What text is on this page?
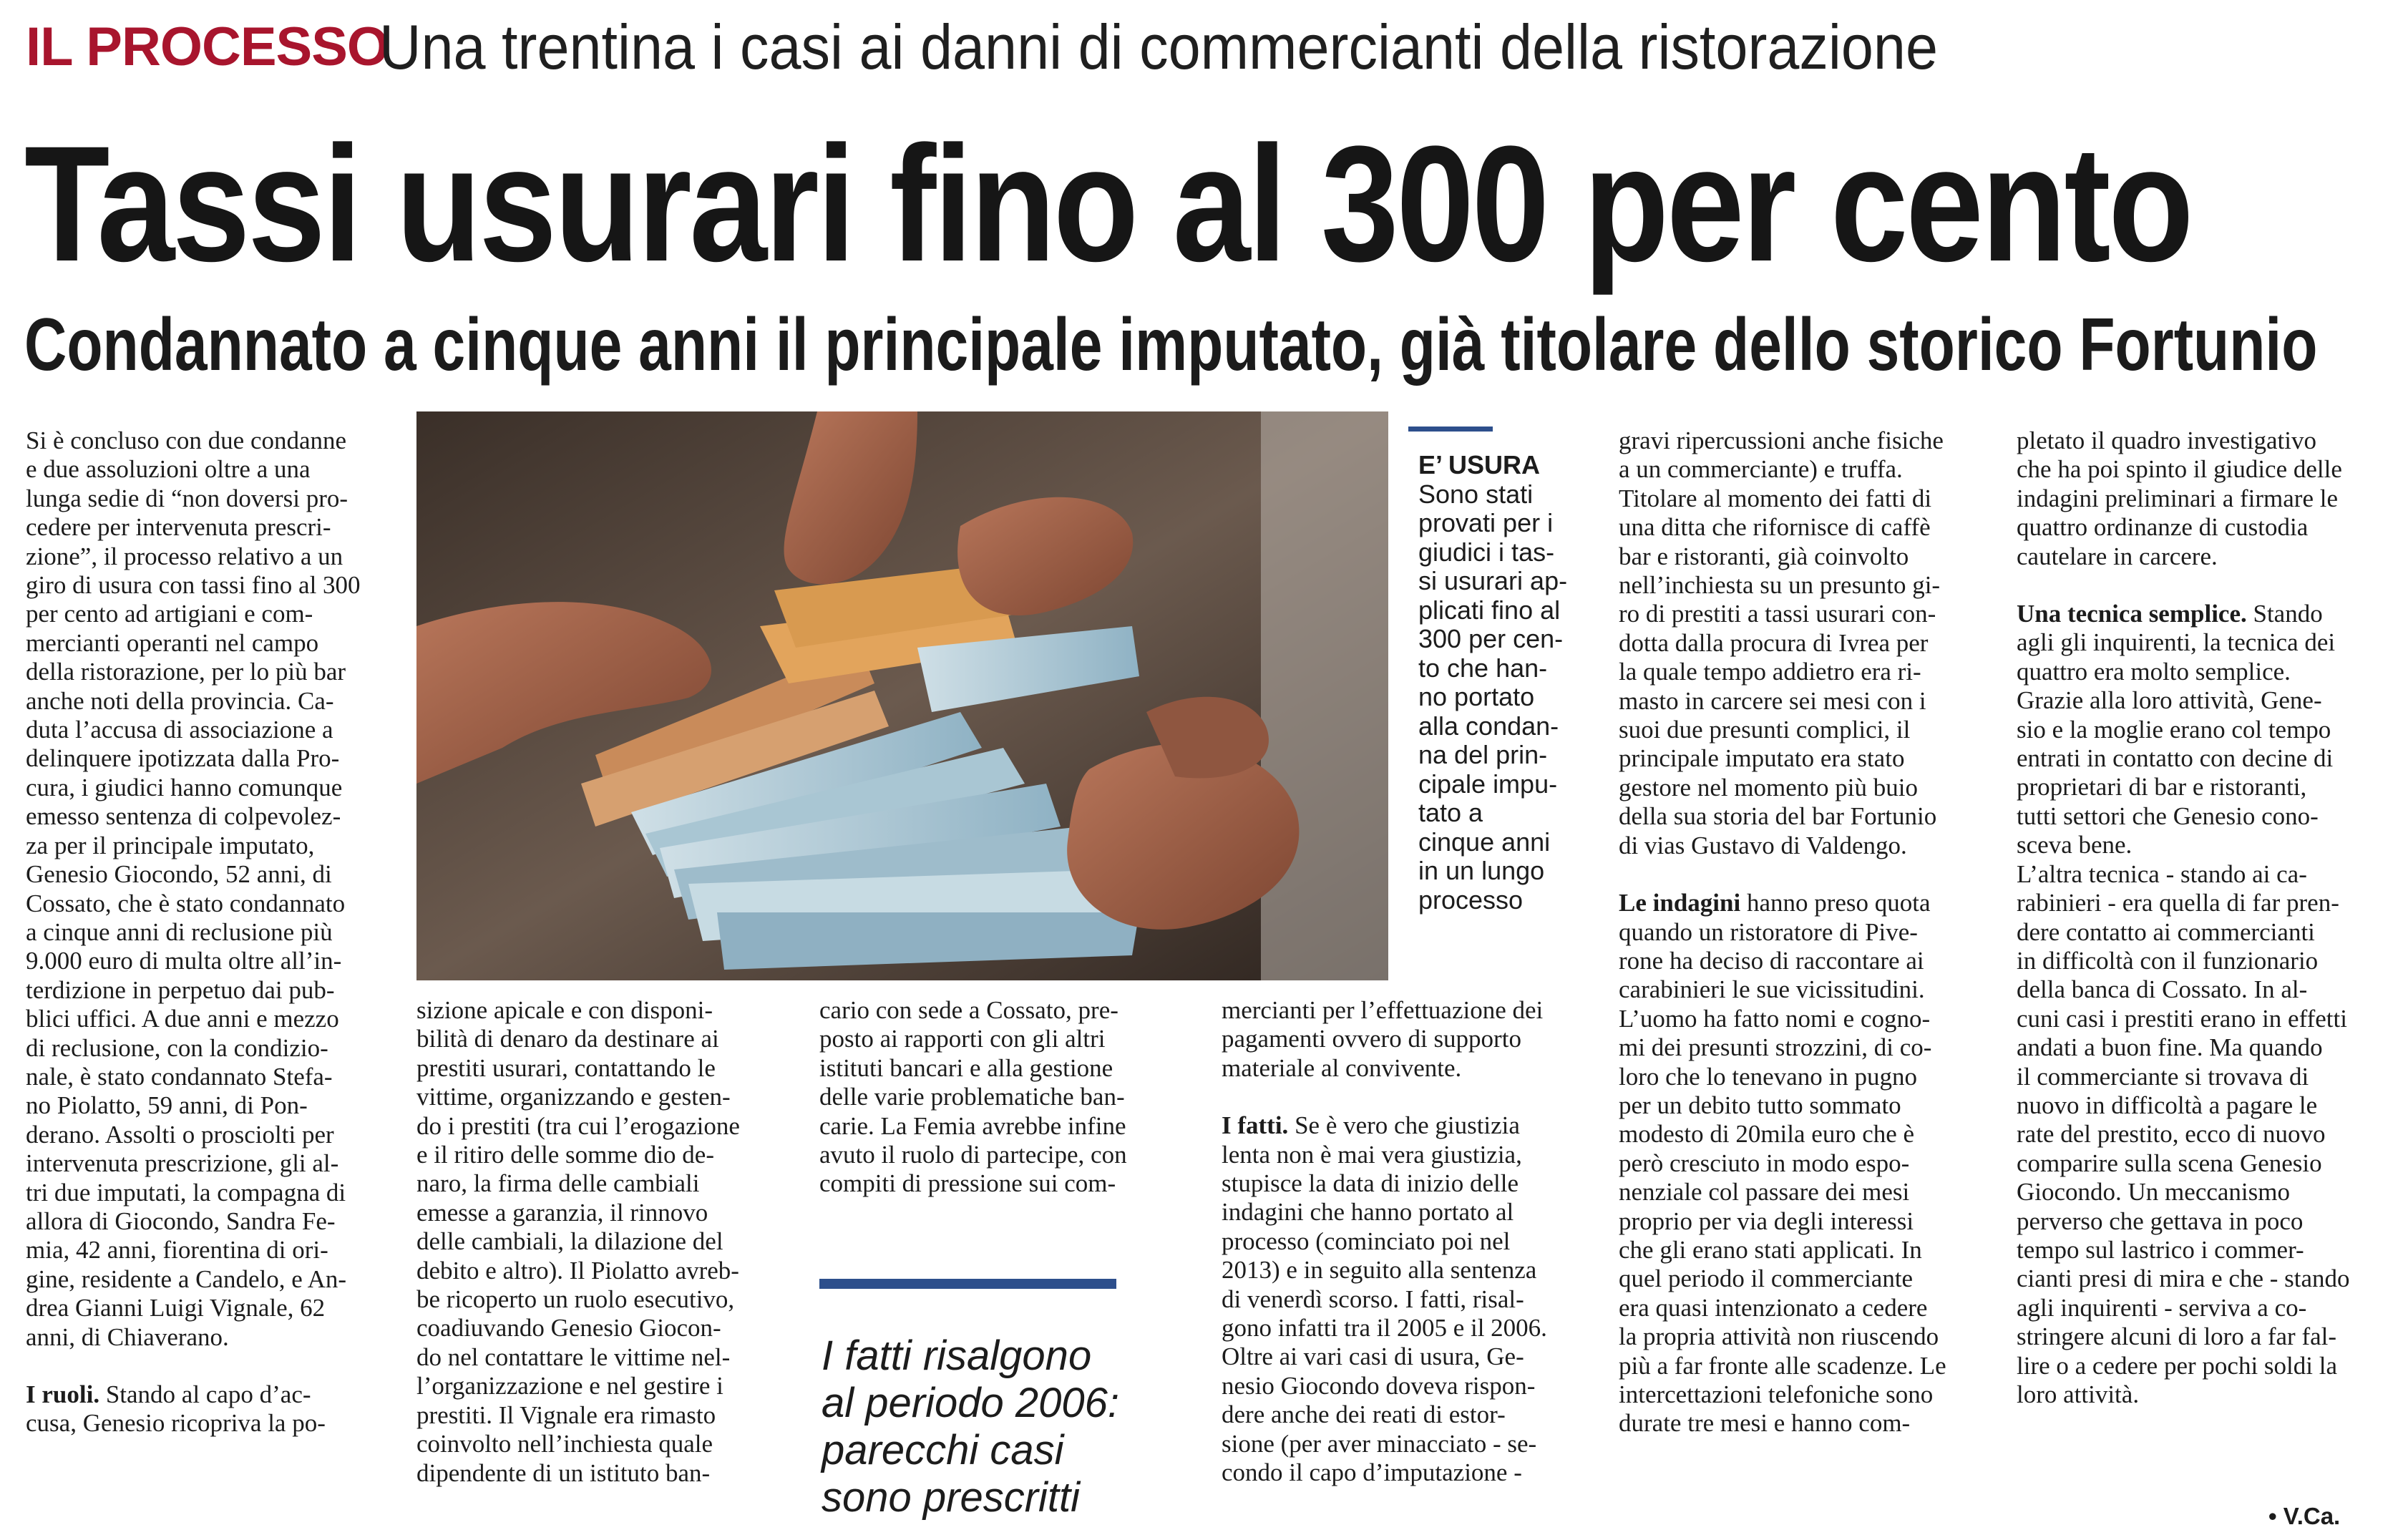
IL PROCESSO
Una trentina i casi ai danni di commercianti della ristorazione
Tassi usurari fino al 300 per cento
Condannato a cinque anni il principale imputato, già titolare dello storico Fortunio
E’ USURA
Sono stati
provati per i
giudici i tas-
si usurari ap-
plicati fino al
300 per cen-
to che han-
no portato
alla condan-
na del prin-
cipale impu-
tato a
cinque anni
in un lungo
processo
I fatti risalgono
al periodo 2006:
parecchi casi
sono prescritti
Si è concluso con due condanne
e due assoluzioni oltre a una
lunga sedie di “non doversi pro-
cedere per intervenuta prescri-
zione”, il processo relativo a un
giro di usura con tassi fino al 300
per cento ad artigiani e com-
mercianti operanti nel campo
della ristorazione, per lo più bar
anche noti della provincia. Ca-
duta l’accusa di associazione a
delinquere ipotizzata dalla Pro-
cura, i giudici hanno comunque
emesso sentenza di colpevolez-
za per il principale imputato,
Genesio Giocondo, 52 anni, di
Cossato, che è stato condannato
a cinque anni di reclusione più
9.000 euro di multa oltre all’in-
terdizione in perpetuo dai pub-
blici uffici. A due anni e mezzo
di reclusione, con la condizio-
nale, è stato condannato Stefa-
no Piolatto, 59 anni, di Pon-
derano. Assolti o prosciolti per
intervenuta prescrizione, gli al-
tri due imputati, la compagna di
allora di Giocondo, Sandra Fe-
mia, 42 anni, fiorentina di ori-
gine, residente a Candelo, e An-
drea Gianni Luigi Vignale, 62
anni, di Chiaverano.

I ruoli. Stando al capo d’ac-

cusa, Genesio ricopriva la po-
sizione apicale e con disponi-
bilità di denaro da destinare ai
prestiti usurari, contattando le
vittime, organizzando e gesten-
do i prestiti (tra cui l’erogazione
e il ritiro delle somme dio de-
naro, la firma delle cambiali
emesse a garanzia, il rinnovo
delle cambiali, la dilazione del
debito e altro). Il Piolatto avreb-
be ricoperto un ruolo esecutivo,
coadiuvando Genesio Giocon-
do nel contattare le vittime nel-
l’organizzazione e nel gestire i
prestiti. Il Vignale era rimasto
coinvolto nell’inchiesta quale
dipendente di un istituto ban-
cario con sede a Cossato, pre-
posto ai rapporti con gli altri
istituti bancari e alla gestione
delle varie problematiche ban-
carie. La Femia avrebbe infine
avuto il ruolo di partecipe, con
compiti di pressione sui com-
mercianti per l’effettuazione dei
pagamenti ovvero di supporto
materiale al convivente.

I fatti. Se è vero che giustizia

lenta non è mai vera giustizia,
stupisce la data di inizio delle
indagini che hanno portato al
processo (cominciato poi nel
2013) e in seguito alla sentenza
di venerdì scorso. I fatti, risal-
gono infatti tra il 2005 e il 2006.
Oltre ai vari casi di usura, Ge-
nesio Giocondo doveva rispon-
dere anche dei reati di estor-
sione (per aver minacciato - se-
condo il capo d’imputazione -
gravi ripercussioni anche fisiche
a un commerciante) e truffa.
Titolare al momento dei fatti di
una ditta che rifornisce di caffè
bar e ristoranti, già coinvolto
nell’inchiesta su un presunto gi-
ro di prestiti a tassi usurari con-
dotta dalla procura di Ivrea per
la quale tempo addietro era ri-
masto in carcere sei mesi con i
suoi due presunti complici, il
principale imputato era stato
gestore nel momento più buio
della sua storia del bar Fortunio
di vias Gustavo di Valdengo.

Le indagini hanno preso quota

quando un ristoratore di Pive-
rone ha deciso di raccontare ai
carabinieri le sue vicissitudini.
L’uomo ha fatto nomi e cogno-
mi dei presunti strozzini, di co-
loro che lo tenevano in pugno
per un debito tutto sommato
modesto di 20mila euro che è
però cresciuto in modo espo-
nenziale col passare dei mesi
proprio per via degli interessi
che gli erano stati applicati. In
quel periodo il commerciante
era quasi intenzionato a cedere
la propria attività non riuscendo
più a far fronte alle scadenze. Le
intercettazioni telefoniche sono
durate tre mesi e hanno com-
pletato il quadro investigativo
che ha poi spinto il giudice delle
indagini preliminari a firmare le
quattro ordinanze di custodia
cautelare in carcere.

Una tecnica semplice. Stando

agli gli inquirenti, la tecnica dei
quattro era molto semplice.
Grazie alla loro attività, Gene-
sio e la moglie erano col tempo
entrati in contatto con decine di
proprietari di bar e ristoranti,
tutti settori che Genesio cono-
sceva bene.
L’altra tecnica - stando ai ca-
rabinieri - era quella di far pren-
dere contatto ai commercianti
in difficoltà con il funzionario
della banca di Cossato. In al-
cuni casi i prestiti erano in effetti
andati a buon fine. Ma quando
il commerciante si trovava di
nuovo in difficoltà a pagare le
rate del prestito, ecco di nuovo
comparire sulla scena Genesio
Giocondo. Un meccanismo
perverso che gettava in poco
tempo sul lastrico i commer-
cianti presi di mira e che - stando
agli inquirenti - serviva a co-
stringere alcuni di loro a far fal-
lire o a cedere per pochi soldi la
loro attività.
• V.Ca.
